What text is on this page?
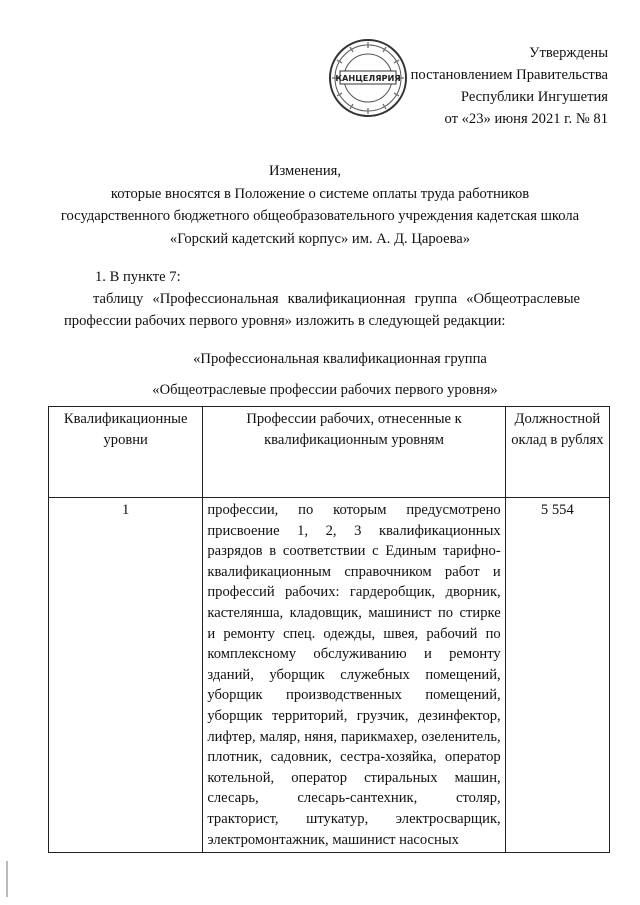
Утверждены
постановлением Правительства
Республики Ингушетия
от «23» июня 2021 г. № 81
КАНЦЕЛЯРИЯ
Изменения,
которые вносятся в Положение о системе оплаты труда работников
государственного бюджетного общеобразовательного учреждения кадетская школа
«Горский кадетский корпус» им. А. Д. Цароева»
1. В пункте 7:
таблицу «Профессиональная квалификационная группа «Общеотраслевые профессии рабочих первого уровня» изложить в следующей редакции:
«Профессиональная квалификационная группа
«Общеотраслевые профессии рабочих первого уровня»
Квалификационные уровни	Профессии рабочих, отнесенные к квалификационным уровням	Должностной оклад в рублях
1	профессии, по которым предусмотрено присвоение 1, 2, 3 квалификационных разрядов в соответствии с Единым тарифно-квалификационным справочником работ и профессий рабочих: гардеробщик, дворник, кастелянша, кладовщик, машинист по стирке и ремонту спец. одежды, швея, рабочий по комплексному обслуживанию и ремонту зданий, уборщик служебных помещений, уборщик производственных помещений, уборщик территорий, грузчик, дезинфектор, лифтер, маляр, няня, парикмахер, озеленитель, плотник, садовник, сестра-хозяйка, оператор котельной, оператор стиральных машин, слесарь, слесарь-сантехник, столяр, тракторист, штукатур, электросварщик, электромонтажник, машинист насосных	5 554
